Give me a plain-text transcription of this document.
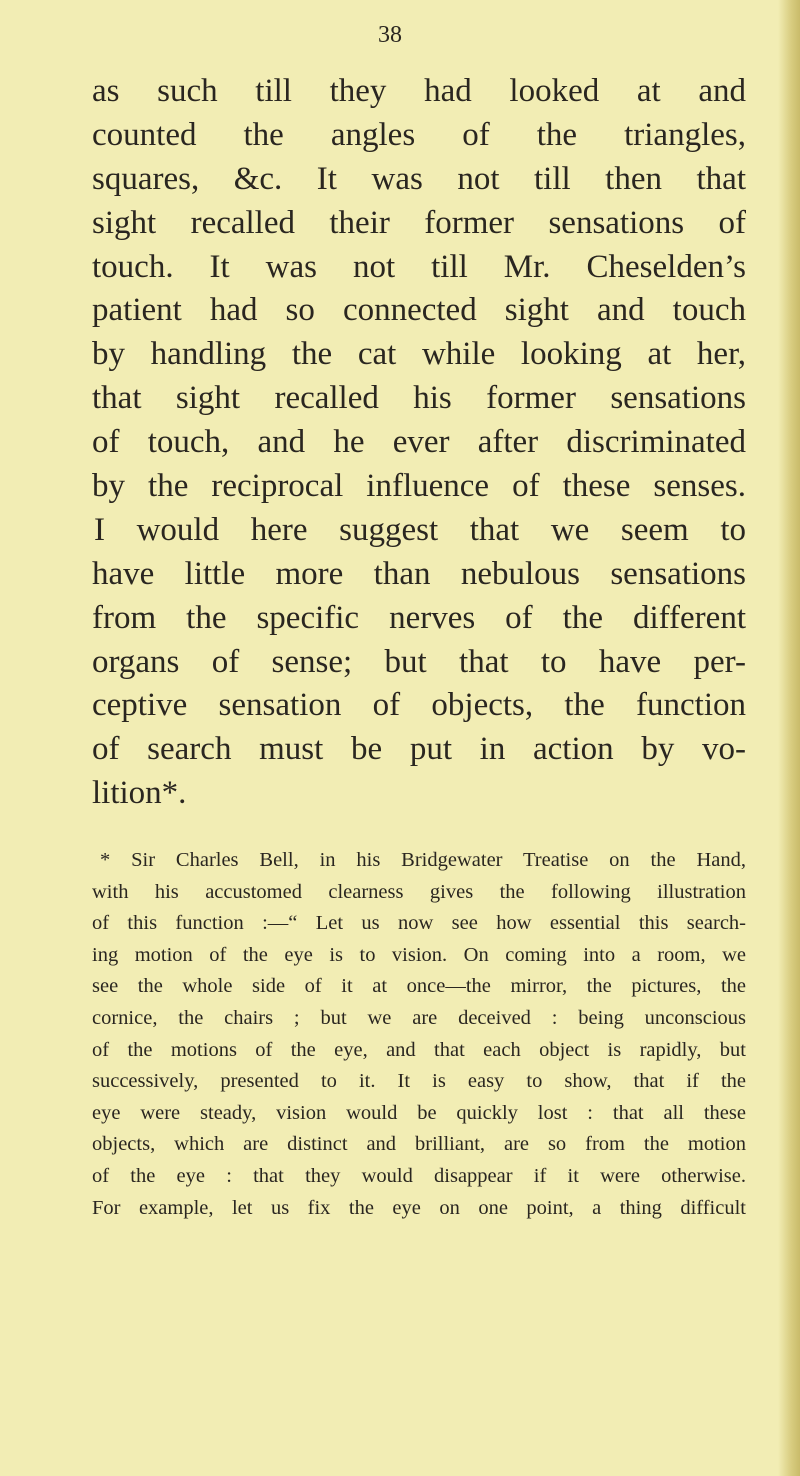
38
as such till they had looked at and
counted the angles of the triangles,
squares, &c. It was not till then that
sight recalled their former sensations of
touch. It was not till Mr. Cheselden’s
patient had so connected sight and touch
by handling the cat while looking at her,
that sight recalled his former sensations
of touch, and he ever after discriminated
by the reciprocal influence of these senses.
I would here suggest that we seem to
have little more than nebulous sensations
from the specific nerves of the different
organs of sense; but that to have per-
ceptive sensation of objects, the function
of search must be put in action by vo-
lition*.
* Sir Charles Bell, in his Bridgewater Treatise on the Hand,
with his accustomed clearness gives the following illustration
of this function :—“ Let us now see how essential this search-
ing motion of the eye is to vision. On coming into a room, we
see the whole side of it at once—the mirror, the pictures, the
cornice, the chairs ; but we are deceived : being unconscious
of the motions of the eye, and that each object is rapidly, but
successively, presented to it. It is easy to show, that if the
eye were steady, vision would be quickly lost : that all these
objects, which are distinct and brilliant, are so from the motion
of the eye : that they would disappear if it were otherwise.
For example, let us fix the eye on one point, a thing difficult
